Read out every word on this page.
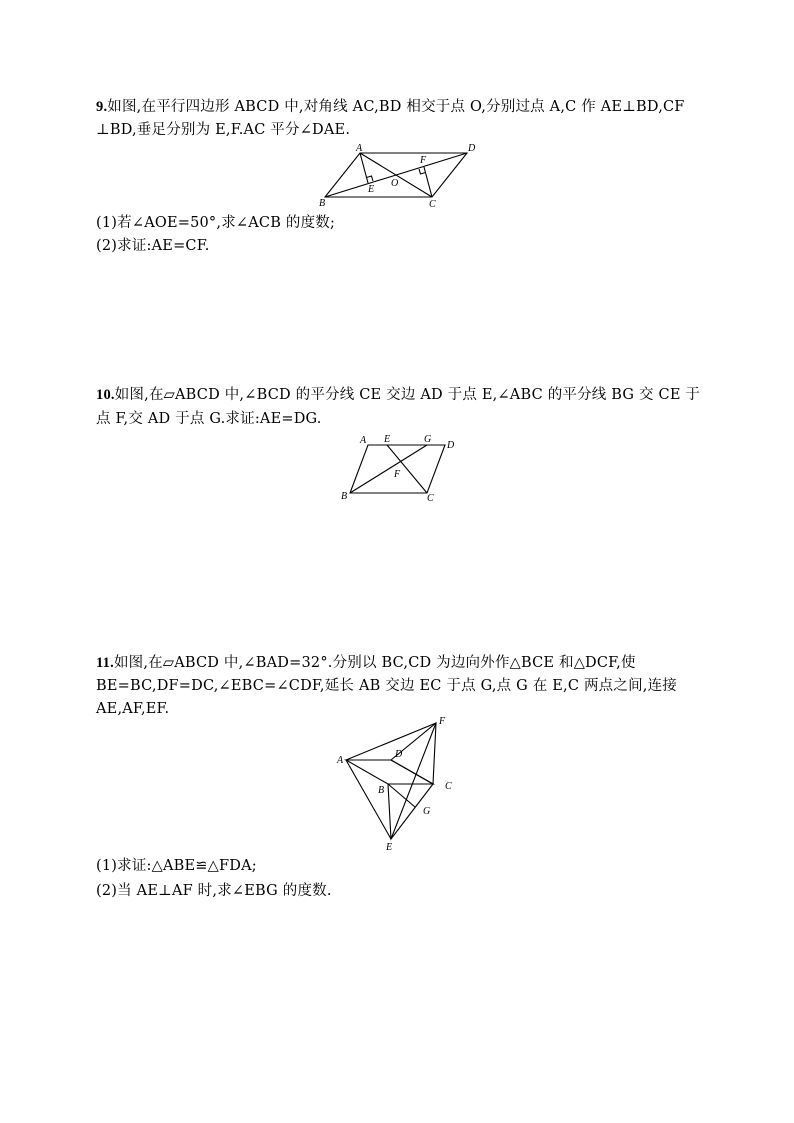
9.如图,在平行四边形 ABCD 中,对角线 AC,BD 相交于点 O,分别过点 A,C 作 AE⊥BD,CF
⊥BD,垂足分别为 E,F.AC 平分∠DAE.
A	D
B	C
E
F
O
(1)若∠AOE=50°,求∠ACB 的度数;
(2)求证:AE=CF.
10.如图,在▱ABCD 中,∠BCD 的平分线 CE 交边 AD 于点 E,∠ABC 的平分线 BG 交 CE 于
点 F,交 AD 于点 G.求证:AE=DG.
A E	G
D
F
B	C
11.如图,在▱ABCD 中,∠BAD=32°.分别以 BC,CD 为边向外作△BCE 和△DCF,使
BE=BC,DF=DC,∠EBC=∠CDF,延长 AB 交边 EC 于点 G,点 G 在 E,C 两点之间,连接
AE,AF,EF.
F
D
A
C
B
G
E
(1)求证:△ABE≌△FDA;
(2)当 AE⊥AF 时,求∠EBG 的度数.
